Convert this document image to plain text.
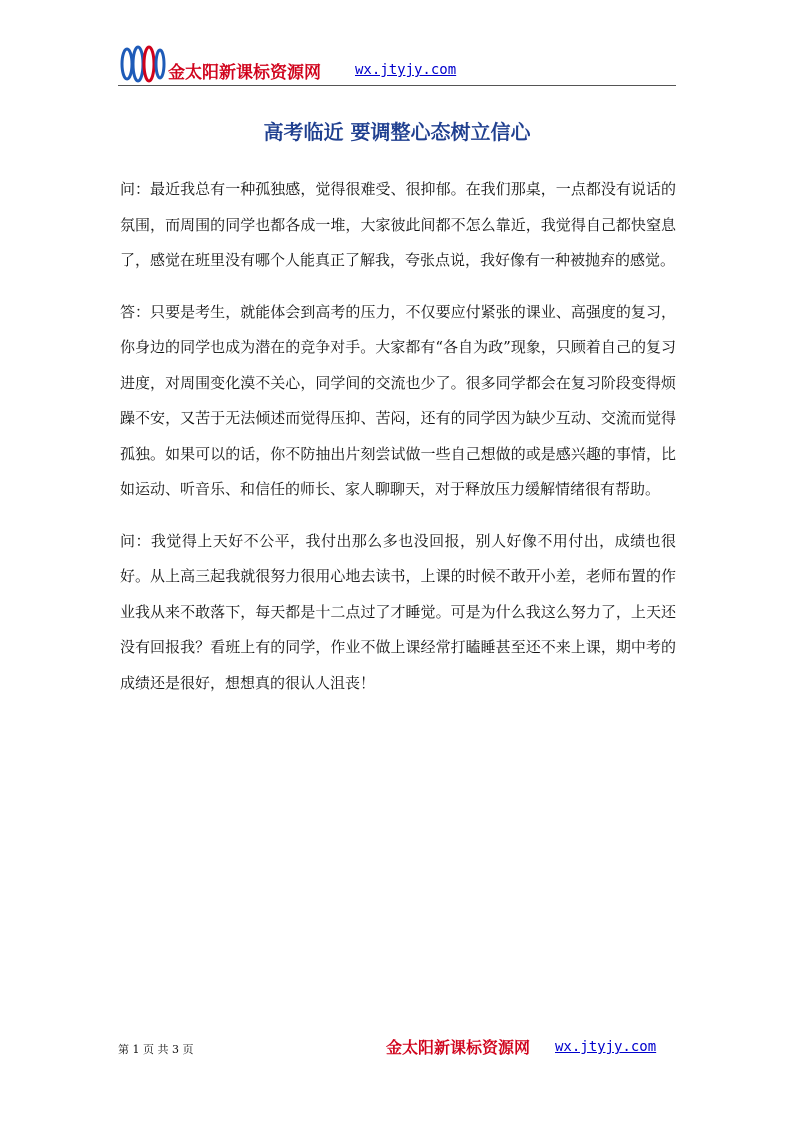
金太阳新课标资源网 wx.jtyjy.com
高考临近 要调整心态树立信心

问：最近我总有一种孤独感，觉得很难受、很抑郁。在我们那桌，一点都没有说话的氛围，而周围的同学也都各成一堆，大家彼此间都不怎么靠近，我觉得自己都快窒息了，感觉在班里没有哪个人能真正了解我，夸张点说，我好像有一种被抛弃的感觉。

答：只要是考生，就能体会到高考的压力，不仅要应付紧张的课业、高强度的复习，你身边的同学也成为潜在的竞争对手。大家都有“各自为政”现象，只顾着自己的复习进度，对周围变化漠不关心，同学间的交流也少了。很多同学都会在复习阶段变得烦躁不安，又苦于无法倾述而觉得压抑、苦闷，还有的同学因为缺少互动、交流而觉得孤独。如果可以的话，你不防抽出片刻尝试做一些自己想做的或是感兴趣的事情，比如运动、听音乐、和信任的师长、家人聊聊天，对于释放压力缓解情绪很有帮助。

问：我觉得上天好不公平，我付出那么多也没回报，别人好像不用付出，成绩也很好。从上高三起我就很努力很用心地去读书，上课的时候不敢开小差，老师布置的作业我从来不敢落下，每天都是十二点过了才睡觉。可是为什么我这么努力了，上天还没有回报我？看班上有的同学，作业不做上课经常打瞌睡甚至还不来上课，期中考的成绩还是很好，想想真的很认人沮丧！

第 1 页 共 3 页	金太阳新课标资源网 wx.jtyjy.com
